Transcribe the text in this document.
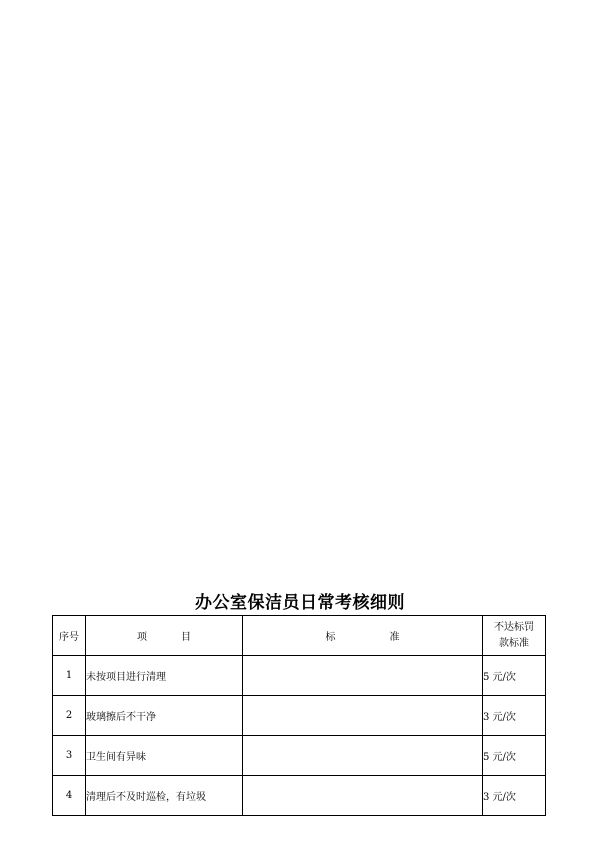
办公室保洁员日常考核细则
序号	项 目	标 准	不达标罚
款标准

1	未按项目进行清理		5 元/次
2	玻璃擦后不干净		3 元/次
3	卫生间有异味		5 元/次
4	清理后不及时巡检，有垃圾		3 元/次
